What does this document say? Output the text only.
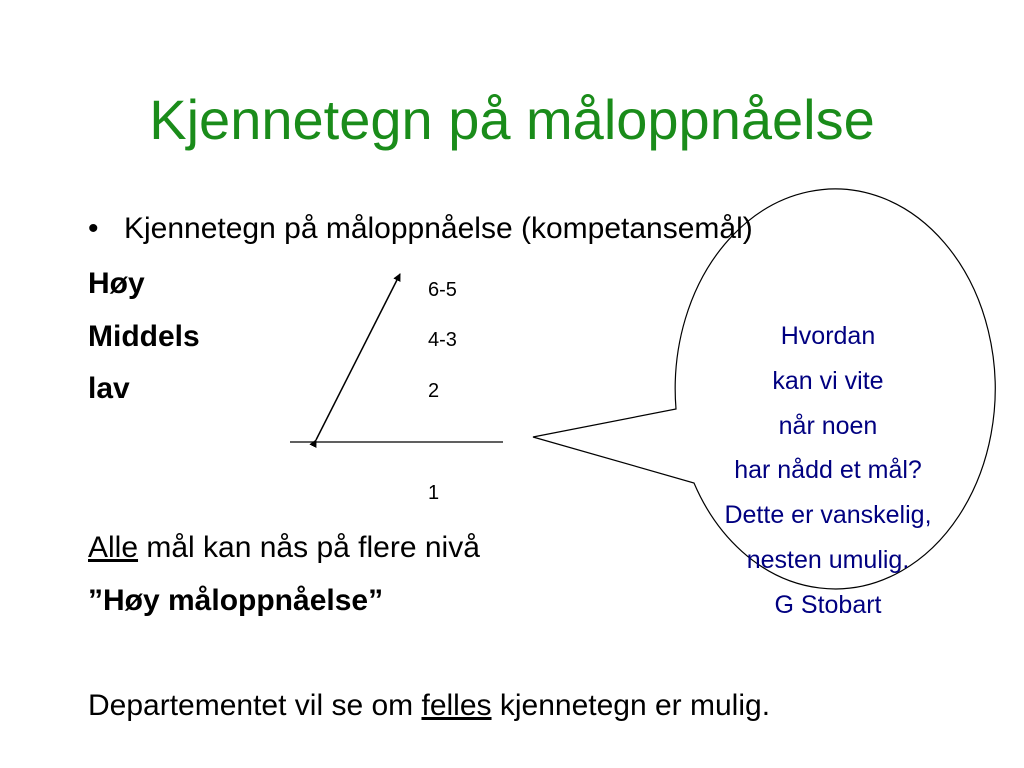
Kjennetegn på måloppnåelse
• Kjennetegn på måloppnåelse (kompetansemål)
Høy
Middels
lav
6-5
4-3
2
1
Alle mål kan nås på flere nivå
”Høy måloppnåelse”
Departementet vil se om felles kjennetegn er mulig.
Hvordan
kan vi vite
når noen
har nådd et mål?
Dette er vanskelig,
nesten umulig.
G Stobart
